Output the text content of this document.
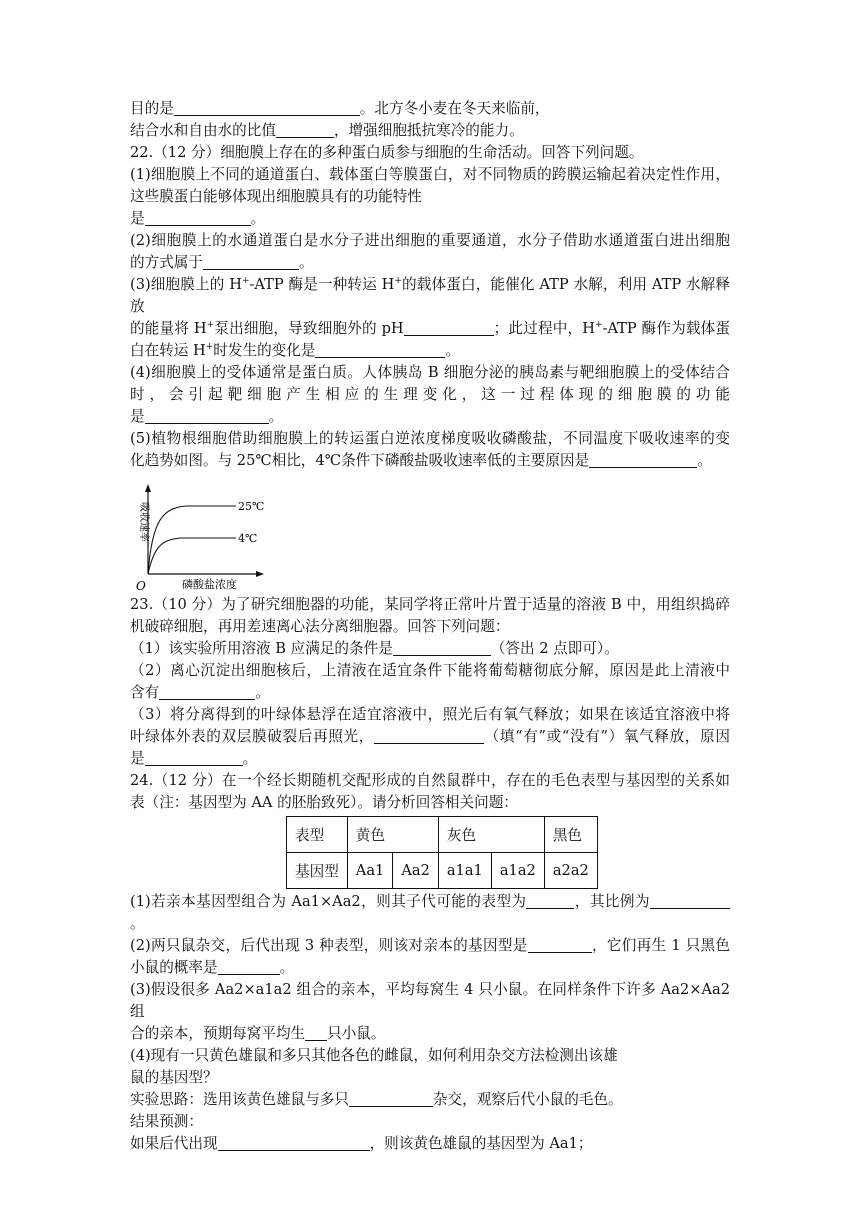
目的是	。北方冬小麦在冬天来临前，

结合水和自由水的比值	，增强细胞抵抗寒冷的能力。

22.（12 分）细胞膜上存在的多种蛋白质参与细胞的生命活动。回答下列问题。

(1)细胞膜上不同的通道蛋白、载体蛋白等膜蛋白，对不同物质的跨膜运输起着决定性作用，

这些膜蛋白能够体现出细胞膜具有的功能特性

是	。

(2)细胞膜上的水通道蛋白是水分子进出细胞的重要通道，水分子借助水通道蛋白进出细胞

的方式属于	。

(3)细胞膜上的 H+-ATP 酶是一种转运 H+的载体蛋白，能催化 ATP 水解，利用 ATP 水解释放

的能量将 H+泵出细胞，导致细胞外的 pH	；此过程中，H+-ATP 酶作为载体蛋

白在转运 H+时发生的变化是	。

(4)细胞膜上的受体通常是蛋白质。人体胰岛 B 细胞分泌的胰岛素与靶细胞膜上的受体结合

时，会引起靶细胞产生相应的生理变化，这一过程体现的细胞膜的功能

是	。

(5)植物根细胞借助细胞膜上的转运蛋白逆浓度梯度吸收磷酸盐，不同温度下吸收速率的变

化趋势如图。与 25℃相比，4℃条件下磷酸盐吸收速率低的主要原因是	。

25℃
4℃
磷酸盐浓度
O
吸收速率

23.（10 分）为了研究细胞器的功能，某同学将正常叶片置于适量的溶液 B 中，用组织捣碎

机破碎细胞，再用差速离心法分离细胞器。回答下列问题：

（1）该实验所用溶液 B 应满足的条件是	（答出 2 点即可）。

（2）离心沉淀出细胞核后，上清液在适宜条件下能将葡萄糖彻底分解，原因是此上清液中

含有	。

（3）将分离得到的叶绿体悬浮在适宜溶液中，照光后有氧气释放；如果在该适宜溶液中将

叶绿体外表的双层膜破裂后再照光，	（填“有”或“没有”）氧气释放，原因

是	。

24.（12 分）在一个经长期随机交配形成的自然鼠群中，存在的毛色表型与基因型的关系如

表（注：基因型为 AA 的胚胎致死）。请分析回答相关问题：

表型	黄色		灰色		黑色
基因型	Aa1	Aa2	a1a1	a1a2	a2a2

(1)若亲本基因型组合为 Aa1×Aa2，则其子代可能的表型为	，其比例为。

(2)两只鼠杂交，后代出现 3 种表型，则该对亲本的基因型是	，它们再生 1 只黑色

小鼠的概率是	。

(3)假设很多 Aa2×a1a2 组合的亲本，平均每窝生 4 只小鼠。在同样条件下许多 Aa2×Aa2 组

合的亲本，预期每窝平均生 只小鼠。

(4)现有一只黄色雄鼠和多只其他各色的雌鼠，如何利用杂交方法检测出该雄

鼠的基因型？

实验思路：选用该黄色雄鼠与多只	杂交，观察后代小鼠的毛色。

结果预测：

如果后代出现	，则该黄色雄鼠的基因型为 Aa1；
